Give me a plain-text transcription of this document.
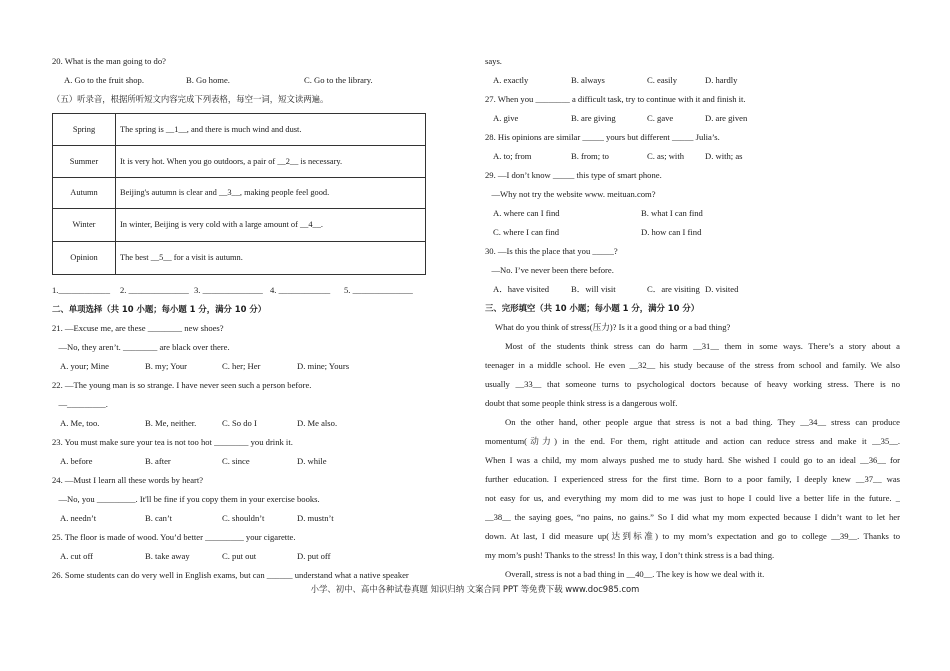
20. What is the man going to do?
A. Go to the fruit shop.	B. Go home.	C. Go to the library.
（五）听录音，根据所听短文内容完成下列表格，每空一词，短文读两遍。
Spring	The spring is __1__, and there is much wind and dust.
Summer	It is very hot. When you go outdoors, a pair of __2__ is necessary.
Autumn	Beijing's autumn is clear and __3__, making people feel good.
Winter	In winter, Beijing is very cold with a large amount of __4__.
Opinion	The best __5__ for a visit is autumn.
1.____________	2. ______________ 3. ______________ 4. ____________	5. ______________
二、单项选择（共 10 小题；每小题 1 分，满分 10 分）
21. —Excuse me, are these ________ new shoes?
—No, they aren’t. ________ are black over there.
A. your; Mine	B. my; Your	C. her; Her	D. mine; Yours
22. —The young man is so strange. I have never seen such a person before.
—_________.
A. Me, too.	B. Me, neither.	C. So do I	D. Me also.
23. You must make sure your tea is not too hot ________ you drink it.
A. before	B. after	C. since	D. while
24. —Must I learn all these words by heart?
—No, you _________. It'll be fine if you copy them in your exercise books.
A. needn’t	B. can’t	C. shouldn’t	D. mustn’t
25. The floor is made of wood. You’d better _________ your cigarette.
A. cut off	B. take away	C. put out	D. put off
26. Some students can do very well in English exams, but can ______ understand what a native speaker
says.
A. exactly	B. always	C. easily	D. hardly
27. When you ________ a difficult task, try to continue with it and finish it.
A. give	B. are giving	C. gave	D. are given
28. His opinions are similar _____ yours but different _____ Julia’s.
A. to; from	B. from; to	C. as; with	D. with; as
29. —I don’t know _____ this type of smart phone.
—Why not try the website www. meituan.com?
A. where can I find	B. what I can find
C. where I can find	D. how can I find
30. —Is this the place that you _____?
—No. I’ve never been there before.
A．have visited	B．will visit	C．are visiting D. visited
三、完形填空（共 10 小题；每小题 1 分，满分 10 分）
What do you think of stress(压力)? Is it a good thing or a bad thing?
Most of the students think stress can do harm __31__ them in some ways. There’s a story about a
teenager in a middle school. He even __32__ his study because of the stress from school and family. We also
usually __33__ that someone turns to psychological doctors because of heavy working stress. There is no
doubt that some people think stress is a dangerous wolf.
On the other hand, other people argue that stress is not a bad thing. They __34__ stress can produce
momentum(动力) in the end. For them, right attitude and action can reduce stress and make it __35__.
When I was a child, my mom always pushed me to study hard. She wished I could go to an ideal __36__ for
further education. I experienced stress for the first time. Born to a poor family, I deeply knew __37__ was
not easy for us, and everything my mom did to me was just to hope I could live a better life in the future. _
__38__ the saying goes, “no pains, no gains.” So I did what my mom expected because I didn’t want to let her
down. At last, I did measure up(达到标准) to my mom’s expectation and go to college __39__. Thanks to
my mom’s push! Thanks to the stress! In this way, I don’t think stress is a bad thing.
Overall, stress is not a bad thing in __40__. The key is how we deal with it.
小学、初中、高中各种试卷真题 知识归纳 文案合同 PPT 等免费下载 www.doc985.com
